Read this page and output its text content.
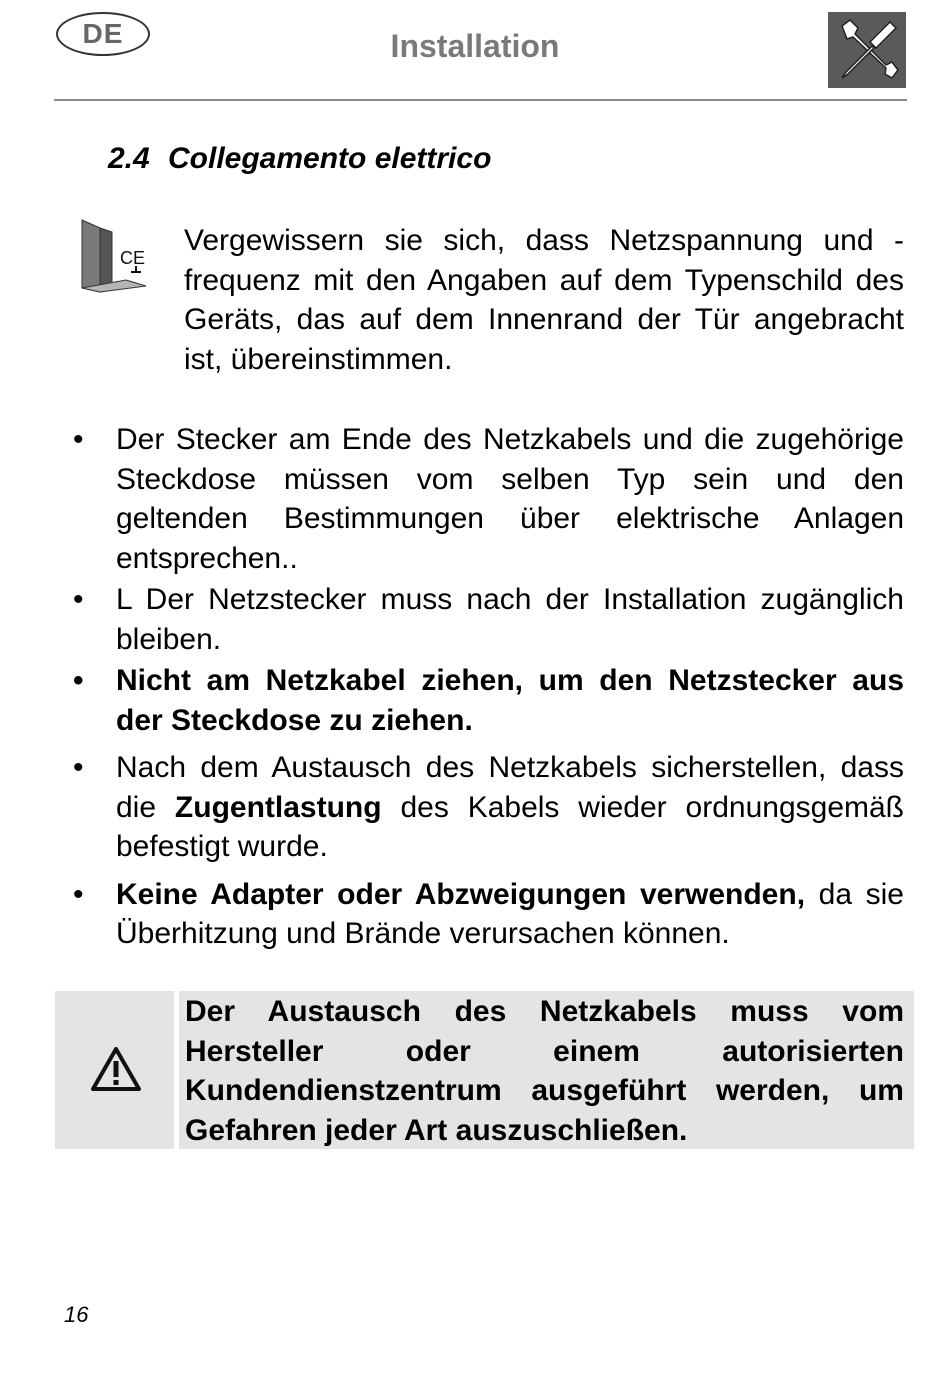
DE	Installation
2.4 Collegamento elettrico
CE

Vergewissern sie sich, dass Netzspannung und -frequenz mit den Angaben auf dem Typenschild des Geräts, das auf dem Innenrand der Tür angebracht ist, übereinstimmen.

• Der Stecker am Ende des Netzkabels und die zugehörige Steckdose müssen vom selben Typ sein und den geltenden Bestimmungen über elektrische Anlagen entsprechen..
• L Der Netzstecker muss nach der Installation zugänglich bleiben.
• Nicht am Netzkabel ziehen, um den Netzstecker aus der Steckdose zu ziehen.
• Nach dem Austausch des Netzkabels sicherstellen, dass die Zugentlastung des Kabels wieder ordnungsgemäß befestigt wurde.
• Keine Adapter oder Abzweigungen verwenden, da sie Überhitzung und Brände verursachen können.

Der Austausch des Netzkabels muss vom Hersteller oder einem autorisierten Kundendienstzentrum ausgeführt werden, um Gefahren jeder Art auszuschließen.

16
